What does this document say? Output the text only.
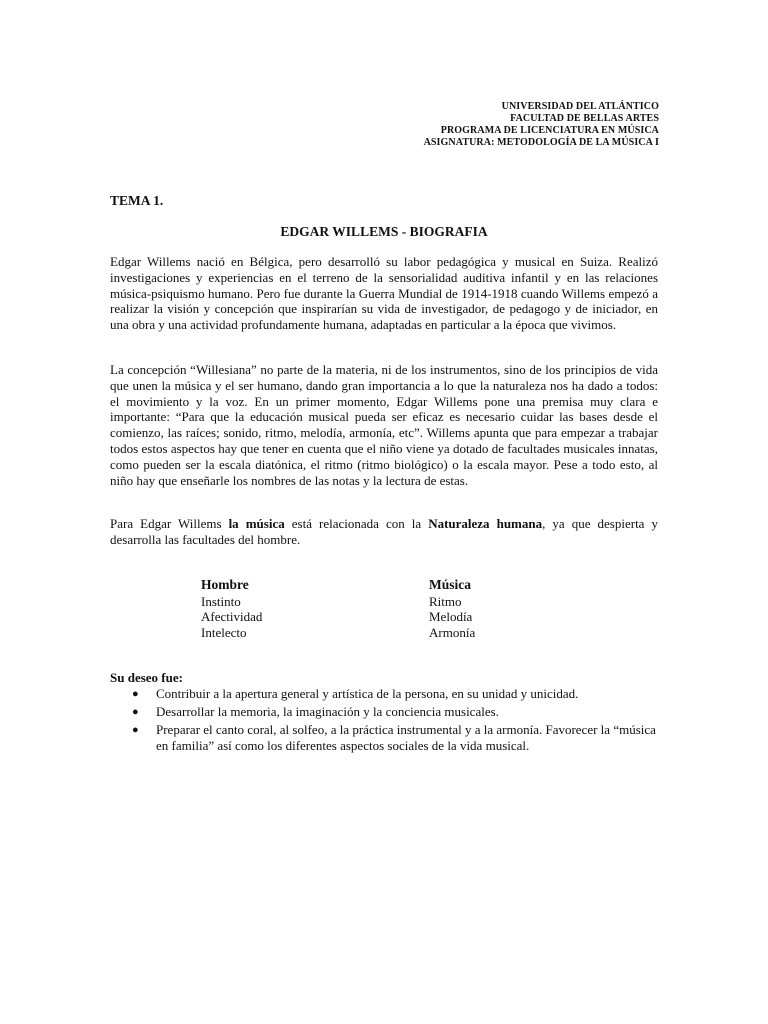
UNIVERSIDAD DEL ATLÁNTICO
FACULTAD DE BELLAS ARTES
PROGRAMA DE LICENCIATURA EN MÚSICA
ASIGNATURA: METODOLOGÍA DE LA MÚSICA I
TEMA 1.
EDGAR WILLEMS - BIOGRAFIA
Edgar Willems nació en Bélgica, pero desarrolló su labor pedagógica y musical en Suiza. Realizó investigaciones y experiencias en el terreno de la sensorialidad auditiva infantil y en las relaciones música-psiquismo humano. Pero fue durante la Guerra Mundial de 1914-1918 cuando Willems empezó a realizar la visión y concepción que inspirarían su vida de investigador, de pedagogo y de iniciador, en una obra y una actividad profundamente humana, adaptadas en particular a la época que vivimos.
La concepción “Willesiana” no parte de la materia, ni de los instrumentos, sino de los principios de vida que unen la música y el ser humano, dando gran importancia a lo que la naturaleza nos ha dado a todos: el movimiento y la voz. En un primer momento, Edgar Willems pone una premisa muy clara e importante: “Para que la educación musical pueda ser eficaz es necesario cuidar las bases desde el comienzo, las raíces; sonido, ritmo, melodía, armonía, etc”. Willems apunta que para empezar a trabajar todos estos aspectos hay que tener en cuenta que el niño viene ya dotado de facultades musicales innatas, como pueden ser la escala diatónica, el ritmo (ritmo biológico) o la escala mayor. Pese a todo esto, al niño hay que enseñarle los nombres de las notas y la lectura de estas.
Para Edgar Willems la música está relacionada con la Naturaleza humana, ya que despierta y desarrolla las facultades del hombre.
Hombre
Instinto
Afectividad
Intelecto
Música
Ritmo
Melodía
Armonía
Su deseo fue:
● Contribuir a la apertura general y artística de la persona, en su unidad y unicidad.
● Desarrollar la memoria, la imaginación y la conciencia musicales.
● Preparar el canto coral, al solfeo, a la práctica instrumental y a la armonía. Favorecer la “música en familia” así como los diferentes aspectos sociales de la vida musical.
